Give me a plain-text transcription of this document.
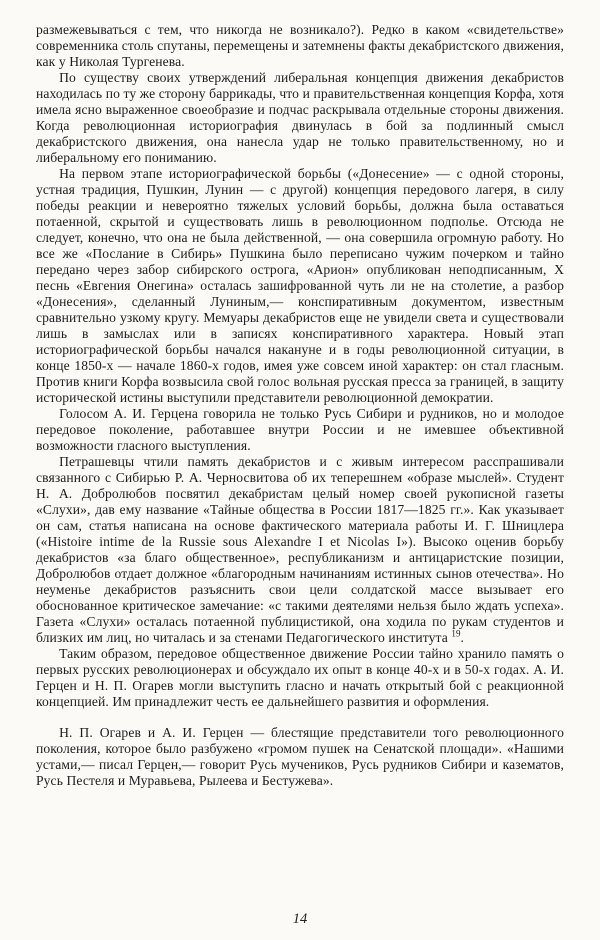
размежевываться с тем, что никогда не возникало?). Редко в каком «свидетельстве» современника столь спутаны, перемещены и затемнены факты декабристского движения, как у Николая Тургенева.

По существу своих утверждений либеральная концепция движения декабристов находилась по ту же сторону баррикады, что и правительственная концепция Корфа, хотя имела ясно выраженное своеобразие и подчас раскрывала отдельные стороны движения. Когда революционная историография двинулась в бой за подлинный смысл декабристского движения, она нанесла удар не только правительственному, но и либеральному его пониманию.

На первом этапе историографической борьбы («Донесение» — с одной стороны, устная традиция, Пушкин, Лунин — с другой) концепция передового лагеря, в силу победы реакции и невероятно тяжелых условий борьбы, должна была оставаться потаенной, скрытой и существовать лишь в революционном подполье. Отсюда не следует, конечно, что она не была действенной, — она совершила огромную работу. Но все же «Послание в Сибирь» Пушкина было переписано чужим почерком и тайно передано через забор сибирского острога, «Арион» опубликован неподписанным, X песнь «Евгения Онегина» осталась зашифрованной чуть ли не на столетие, а разбор «Донесения», сделанный Луниным,— конспиративным документом, известным сравнительно узкому кругу. Мемуары декабристов еще не увидели света и существовали лишь в замыслах или в записях конспиративного характера. Новый этап историографической борьбы начался накануне и в годы революционной ситуации, в конце 1850-х — начале 1860-х годов, имея уже совсем иной характер: он стал гласным. Против книги Корфа возвысила свой голос вольная русская пресса за границей, в защиту исторической истины выступили представители революционной демократии.

Голосом А. И. Герцена говорила не только Русь Сибири и рудников, но и молодое передовое поколение, работавшее внутри России и не имевшее объективной возможности гласного выступления.

Петрашевцы чтили память декабристов и с живым интересом расспрашивали связанного с Сибирью Р. А. Черносвитова об их теперешнем «образе мыслей». Студент Н. А. Добролюбов посвятил декабристам целый номер своей рукописной газеты «Слухи», дав ему название «Тайные общества в России 1817—1825 гг.». Как указывает он сам, статья написана на основе фактического материала работы И. Г. Шницлера («Histoire intime de la Russie sous Alexandre I et Nicolas I»). Высоко оценив борьбу декабристов «за благо общественное», республиканизм и антицаристские позиции, Добролюбов отдает должное «благородным начинаниям истинных сынов отечества». Но неуменье декабристов разъяснить свои цели солдатской массе вызывает его обоснованное критическое замечание: «с такими деятелями нельзя было ждать успеха». Газета «Слухи» осталась потаенной публицистикой, она ходила по рукам студентов и близких им лиц, но читалась и за стенами Педагогического института $^{19}$.

Таким образом, передовое общественное движение России тайно хранило память о первых русских революционерах и обсуждало их опыт в конце 40-х и в 50-х годах. А. И. Герцен и Н. П. Огарев могли выступить гласно и начать открытый бой с реакционной концепцией. Им принадлежит честь ее дальнейшего развития и оформления.

Н. П. Огарев и А. И. Герцен — блестящие представители того революционного поколения, которое было разбужено «громом пушек на Сенатской площади». «Нашими устами,— писал Герцен,— говорит Русь мучеников, Русь рудников Сибири и казематов, Русь Пестеля и Муравьева, Рылеева и Бестужева».

14
